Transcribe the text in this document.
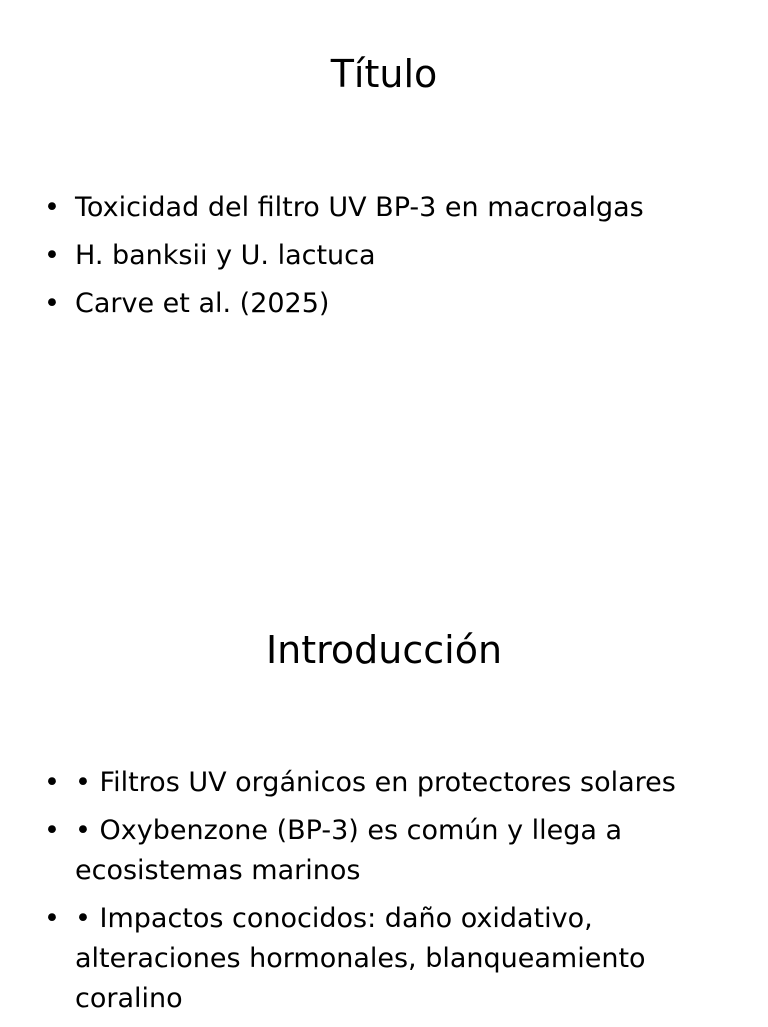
Título
• Toxicidad del filtro UV BP-3 en macroalgas
• H. banksii y U. lactuca
• Carve et al. (2025)
Introducción
• • Filtros UV orgánicos en protectores solares
• • Oxybenzone (BP-3) es común y llega a ecosistemas marinos
• • Impactos conocidos: daño oxidativo, alteraciones hormonales, blanqueamiento coralino
